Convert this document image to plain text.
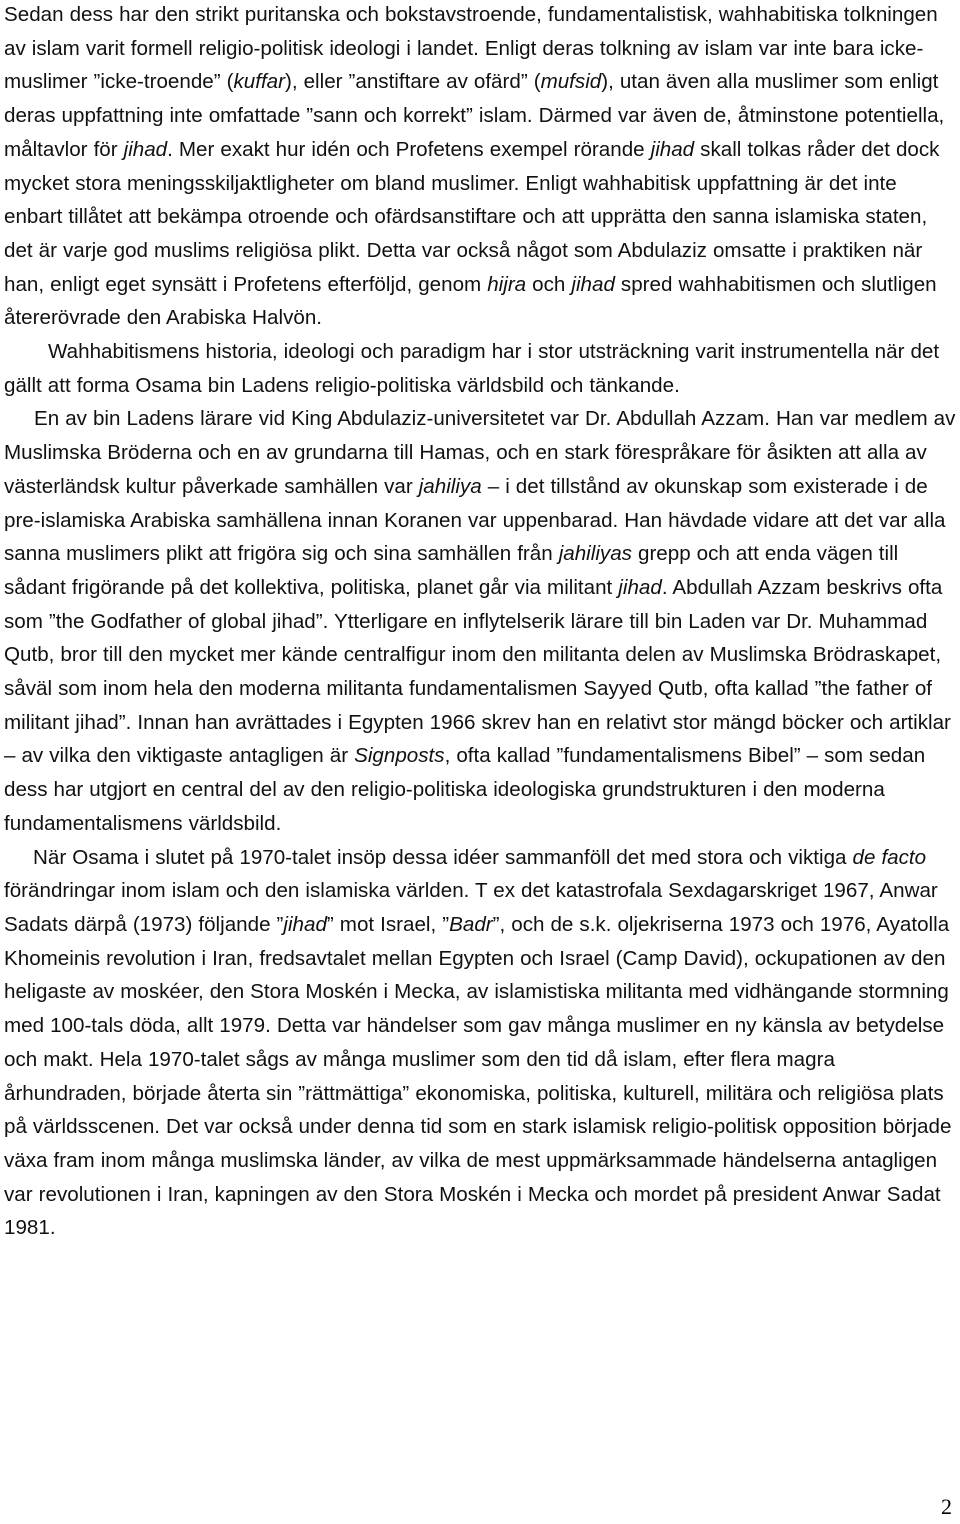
Sedan dess har den strikt puritanska och bokstavstroende, fundamentalistisk, wahhabitiska tolkningen av islam varit formell religio-politisk ideologi i landet. Enligt deras tolkning av islam var inte bara icke-muslimer ”icke-troende” (kuffar), eller ”anstiftare av ofärd” (mufsid), utan även alla muslimer som enligt deras uppfattning inte omfattade ”sann och korrekt” islam. Därmed var även de, åtminstone potentiella, måltavlor för jihad. Mer exakt hur idén och Profetens exempel rörande jihad skall tolkas råder det dock mycket stora meningsskiljaktligheter om bland muslimer. Enligt wahhabitisk uppfattning är det inte enbart tillåtet att bekämpa otroende och ofärdsanstiftare och att upprätta den sanna islamiska staten, det är varje god muslims religiösa plikt. Detta var också något som Abdulaziz omsatte i praktiken när han, enligt eget synsätt i Profetens efterföljd, genom hijra och jihad spred wahhabitismen och slutligen återerövrade den Arabiska Halvön.

Wahhabitismens historia, ideologi och paradigm har i stor utsträckning varit instrumentella när det gällt att forma Osama bin Ladens religio-politiska världsbild och tänkande.

En av bin Ladens lärare vid King Abdulaziz-universitetet var Dr. Abdullah Azzam. Han var medlem av Muslimska Bröderna och en av grundarna till Hamas, och en stark förespråkare för åsikten att alla av västerländsk kultur påverkade samhällen var jahiliya – i det tillstånd av okunskap som existerade i de pre-islamiska Arabiska samhällena innan Koranen var uppenbarad. Han hävdade vidare att det var alla sanna muslimers plikt att frigöra sig och sina samhällen från jahiliyas grepp och att enda vägen till sådant frigörande på det kollektiva, politiska, planet går via militant jihad. Abdullah Azzam beskrivs ofta som ”the Godfather of global jihad”. Ytterligare en inflytelserik lärare till bin Laden var Dr. Muhammad Qutb, bror till den mycket mer kände centralfigur inom den militanta delen av Muslimska Brödraskapet, såväl som inom hela den moderna militanta fundamentalismen Sayyed Qutb, ofta kallad ”the father of militant jihad”. Innan han avrättades i Egypten 1966 skrev han en relativt stor mängd böcker och artiklar – av vilka den viktigaste antagligen är Signposts, ofta kallad ”fundamentalismens Bibel” – som sedan dess har utgjort en central del av den religio-politiska ideologiska grundstrukturen i den moderna fundamentalismens världsbild.

När Osama i slutet på 1970-talet insöp dessa idéer sammanföll det med stora och viktiga de facto förändringar inom islam och den islamiska världen. T ex det katastrofala Sexdagarskriget 1967, Anwar Sadats därpå (1973) följande ”jihad” mot Israel, ”Badr”, och de s.k. oljekriserna 1973 och 1976, Ayatolla Khomeinis revolution i Iran, fredsavtalet mellan Egypten och Israel (Camp David), ockupationen av den heligaste av moskéer, den Stora Moskén i Mecka, av islamistiska militanta med vidhängande stormning med 100-tals döda, allt 1979. Detta var händelser som gav många muslimer en ny känsla av betydelse och makt. Hela 1970-talet sågs av många muslimer som den tid då islam, efter flera magra århundraden, började återta sin ”rättmättiga” ekonomiska, politiska, kulturell, militära och religiösa plats på världsscenen. Det var också under denna tid som en stark islamisk religio-politisk opposition började växa fram inom många muslimska länder, av vilka de mest uppmärksammade händelserna antagligen var revolutionen i Iran, kapningen av den Stora Moskén i Mecka och mordet på president Anwar Sadat 1981.

2
